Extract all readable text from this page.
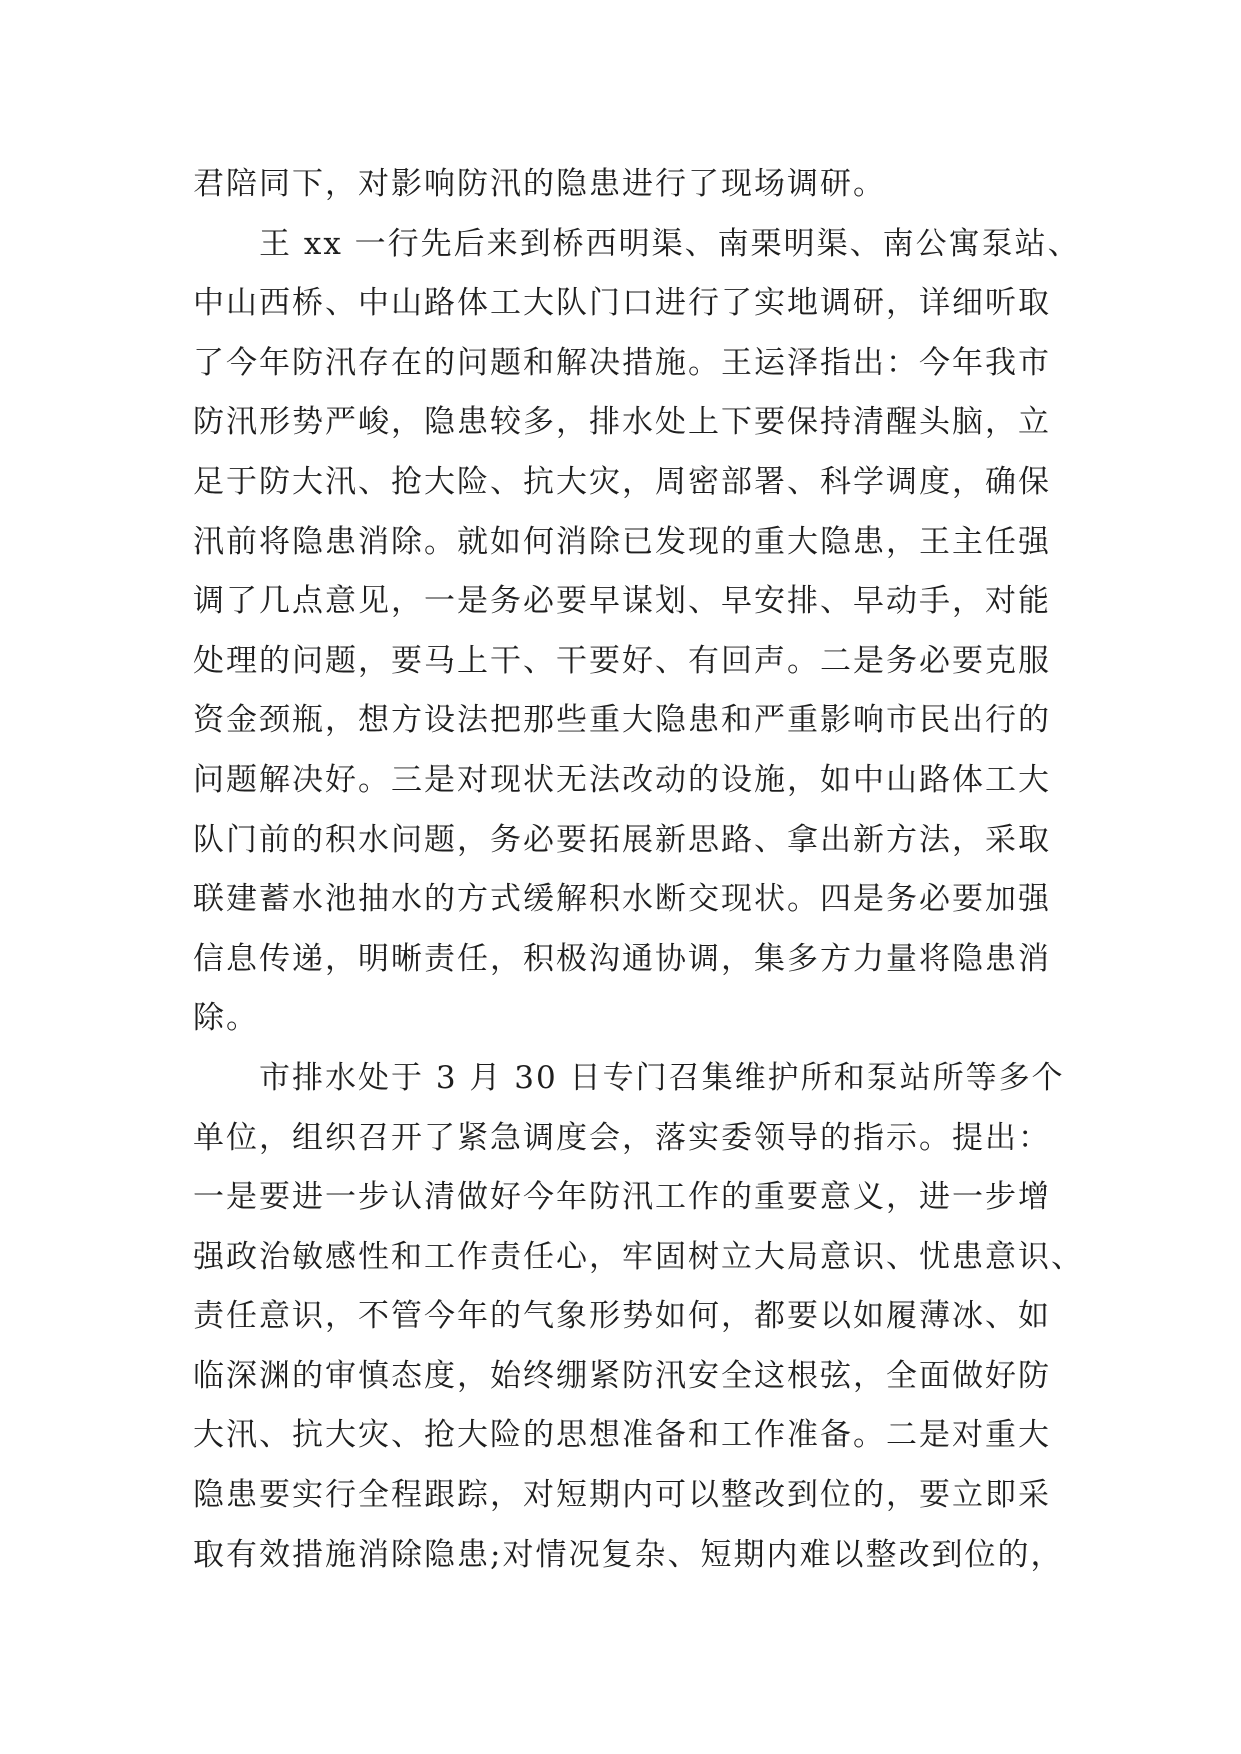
君陪同下，对影响防汛的隐患进行了现场调研。
王 xx 一行先后来到桥西明渠、南栗明渠、南公寓泵站、
中山西桥、中山路体工大队门口进行了实地调研，详细听取
了今年防汛存在的问题和解决措施。王运泽指出：今年我市
防汛形势严峻，隐患较多，排水处上下要保持清醒头脑，立
足于防大汛、抢大险、抗大灾，周密部署、科学调度，确保
汛前将隐患消除。就如何消除已发现的重大隐患，王主任强
调了几点意见，一是务必要早谋划、早安排、早动手，对能
处理的问题，要马上干、干要好、有回声。二是务必要克服
资金颈瓶，想方设法把那些重大隐患和严重影响市民出行的
问题解决好。三是对现状无法改动的设施，如中山路体工大
队门前的积水问题，务必要拓展新思路、拿出新方法，采取
联建蓄水池抽水的方式缓解积水断交现状。四是务必要加强
信息传递，明晰责任，积极沟通协调，集多方力量将隐患消
除。
市排水处于 3 月 30 日专门召集维护所和泵站所等多个
单位，组织召开了紧急调度会，落实委领导的指示。提出：
一是要进一步认清做好今年防汛工作的重要意义，进一步增
强政治敏感性和工作责任心，牢固树立大局意识、忧患意识、
责任意识，不管今年的气象形势如何，都要以如履薄冰、如
临深渊的审慎态度，始终绷紧防汛安全这根弦，全面做好防
大汛、抗大灾、抢大险的思想准备和工作准备。二是对重大
隐患要实行全程跟踪，对短期内可以整改到位的，要立即采
取有效措施消除隐患;对情况复杂、短期内难以整改到位的，
